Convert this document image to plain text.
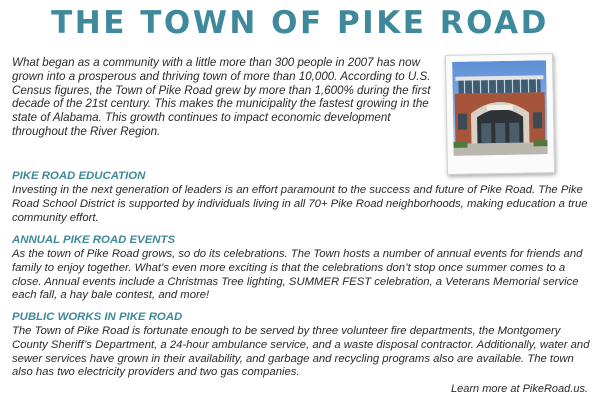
THE TOWN OF PIKE ROAD

What began as a community with a little more than 300 people in 2007 has now grown into a prosperous and thriving town of more than 10,000. According to U.S. Census figures, the Town of Pike Road grew by more than 1,600% during the first decade of the 21st century. This makes the municipality the fastest growing in the state of Alabama. This growth continues to impact economic development throughout the River Region.

PIKE ROAD EDUCATION

Investing in the next generation of leaders is an effort paramount to the success and future of Pike Road. The Pike Road School District is supported by individuals living in all 70+ Pike Road neighborhoods, making education a true community effort.

ANNUAL PIKE ROAD EVENTS

As the town of Pike Road grows, so do its celebrations. The Town hosts a number of annual events for friends and family to enjoy together. What’s even more exciting is that the celebrations don’t stop once summer comes to a close. Annual events include a Christmas Tree lighting, SUMMER FEST celebration, a Veterans Memorial service each fall, a hay bale contest, and more!

PUBLIC WORKS IN PIKE ROAD

The Town of Pike Road is fortunate enough to be served by three volunteer fire departments, the Montgomery County Sheriff’s Department, a 24-hour ambulance service, and a waste disposal contractor. Additionally, water and sewer services have grown in their availability, and garbage and recycling programs also are available. The town also has two electricity providers and two gas companies.

Learn more at PikeRoad.us.
